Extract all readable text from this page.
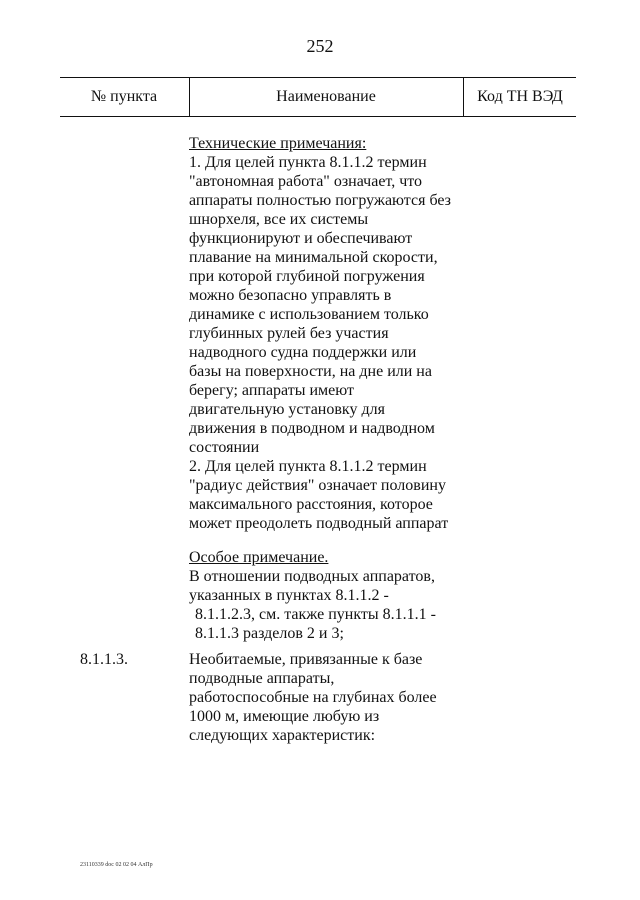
252
№ пункта	Наименование	Код ТН ВЭД
Технические примечания:
1. Для целей пункта 8.1.1.2 термин
"автономная работа" означает, что
аппараты полностью погружаются без
шнорхеля, все их системы
функционируют и обеспечивают
плавание на минимальной скорости,
при которой глубиной погружения
можно безопасно управлять в
динамике с использованием только
глубинных рулей без участия
надводного судна поддержки или
базы на поверхности, на дне или на
берегу; аппараты имеют
двигательную установку для
движения в подводном и надводном
состоянии
2. Для целей пункта 8.1.1.2 термин
"радиус действия" означает половину
максимального расстояния, которое
может преодолеть подводный аппарат
Особое примечание.
В отношении подводных аппаратов,
указанных в пунктах 8.1.1.2 -
8.1.1.2.3, см. также пункты 8.1.1.1 -
8.1.1.3 разделов 2 и 3;
8.1.1.3.	Необитаемые, привязанные к базе
подводные аппараты,
работоспособные на глубинах более
1000 м, имеющие любую из
следующих характеристик:
23110339 doc 02 02 04 АлПр
